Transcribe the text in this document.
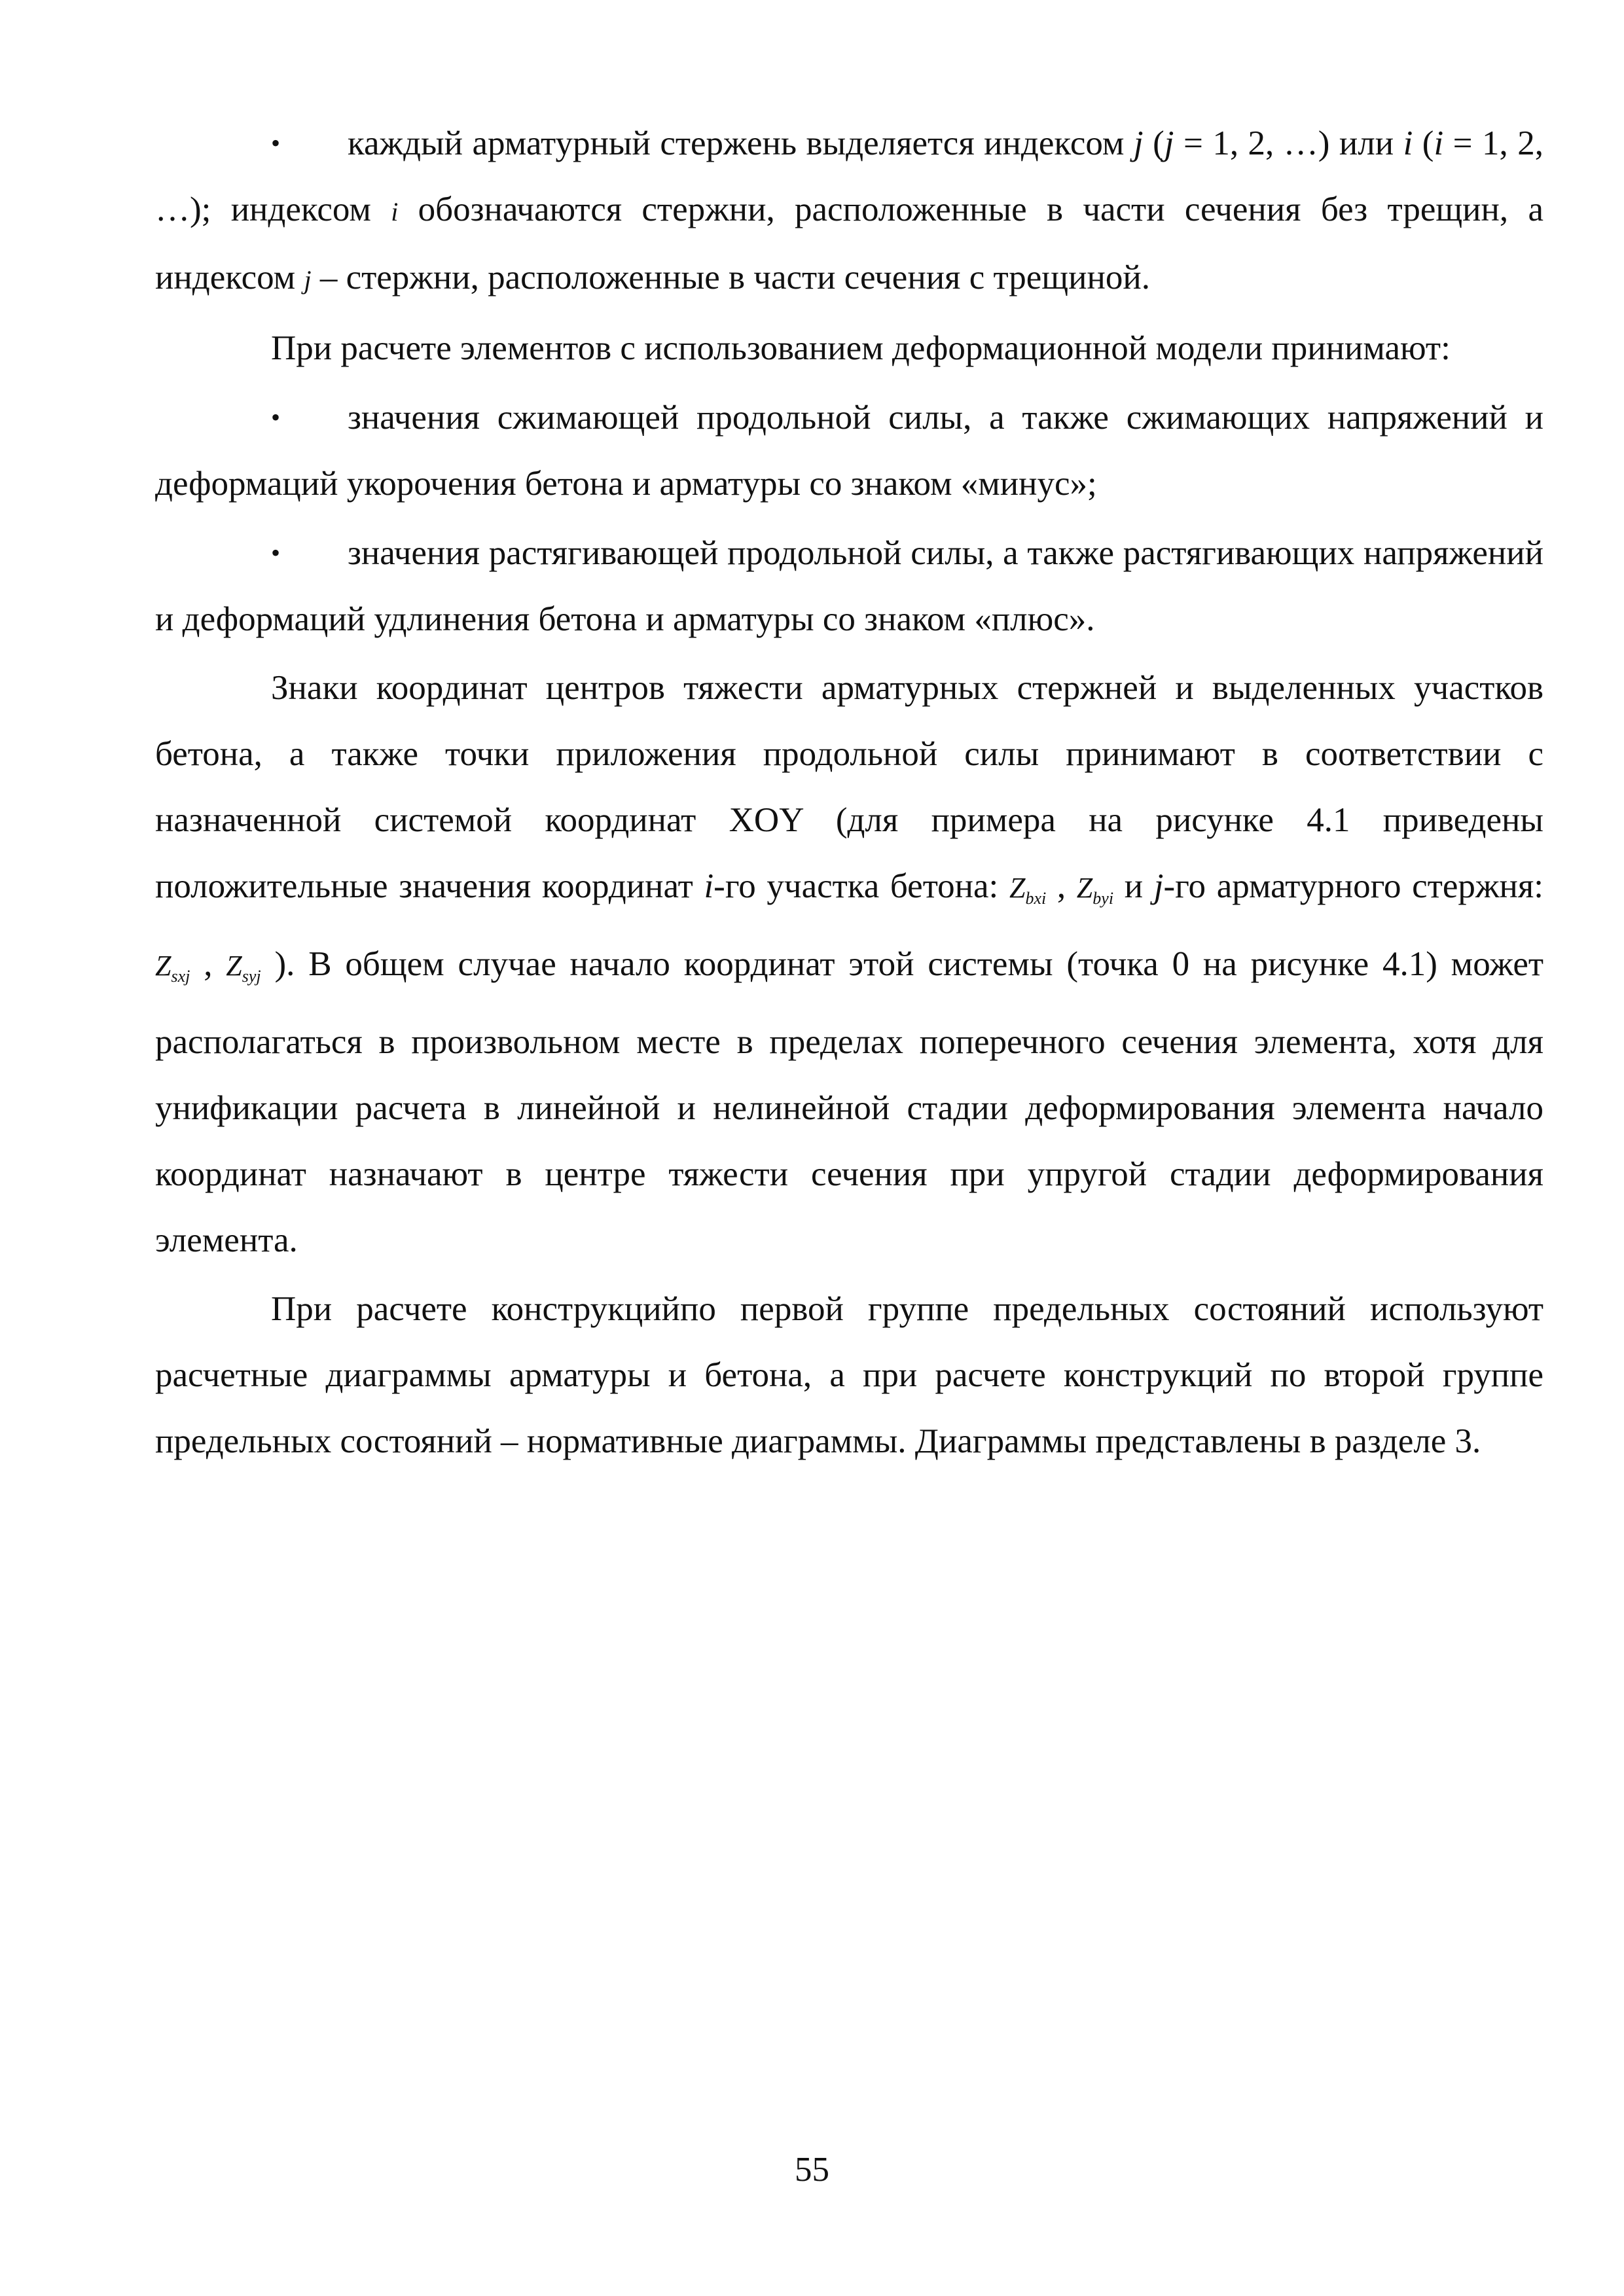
• каждый арматурный стержень выделяется индексом j (j = 1, 2, …) или i (i = 1, 2, …); индексом i обозначаются стержни, расположенные в части сечения без трещин, а индексом j – стержни, расположенные в части сечения с трещиной.

При расчете элементов с использованием деформационной модели принимают:

• значения сжимающей продольной силы, а также сжимающих напряжений и деформаций укорочения бетона и арматуры со знаком «минус»;

• значения растягивающей продольной силы, а также растягивающих напряжений и деформаций удлинения бетона и арматуры со знаком «плюс».

Знаки координат центров тяжести арматурных стержней и выделенных участков бетона, а также точки приложения продольной силы принимают в соответствии с назначенной системой координат XOY (для примера на рисунке 4.1 приведены положительные значения координат i-го участка бетона: $Z_{bxi}$ , $Z_{byi}$ и j-го арматурного стержня: $Z_{sxj}$ , $Z_{syj}$ ). В общем случае начало координат этой системы (точка 0 на рисунке 4.1) может располагаться в произвольном месте в пределах поперечного сечения элемента, хотя для унификации расчета в линейной и нелинейной стадии деформирования элемента начало координат назначают в центре тяжести сечения при упругой стадии деформирования элемента.

При расчете конструкцийпо первой группе предельных состояний используют расчетные диаграммы арматуры и бетона, а при расчете конструкций по второй группе предельных состояний – нормативные диаграммы. Диаграммы представлены в разделе 3.

55
